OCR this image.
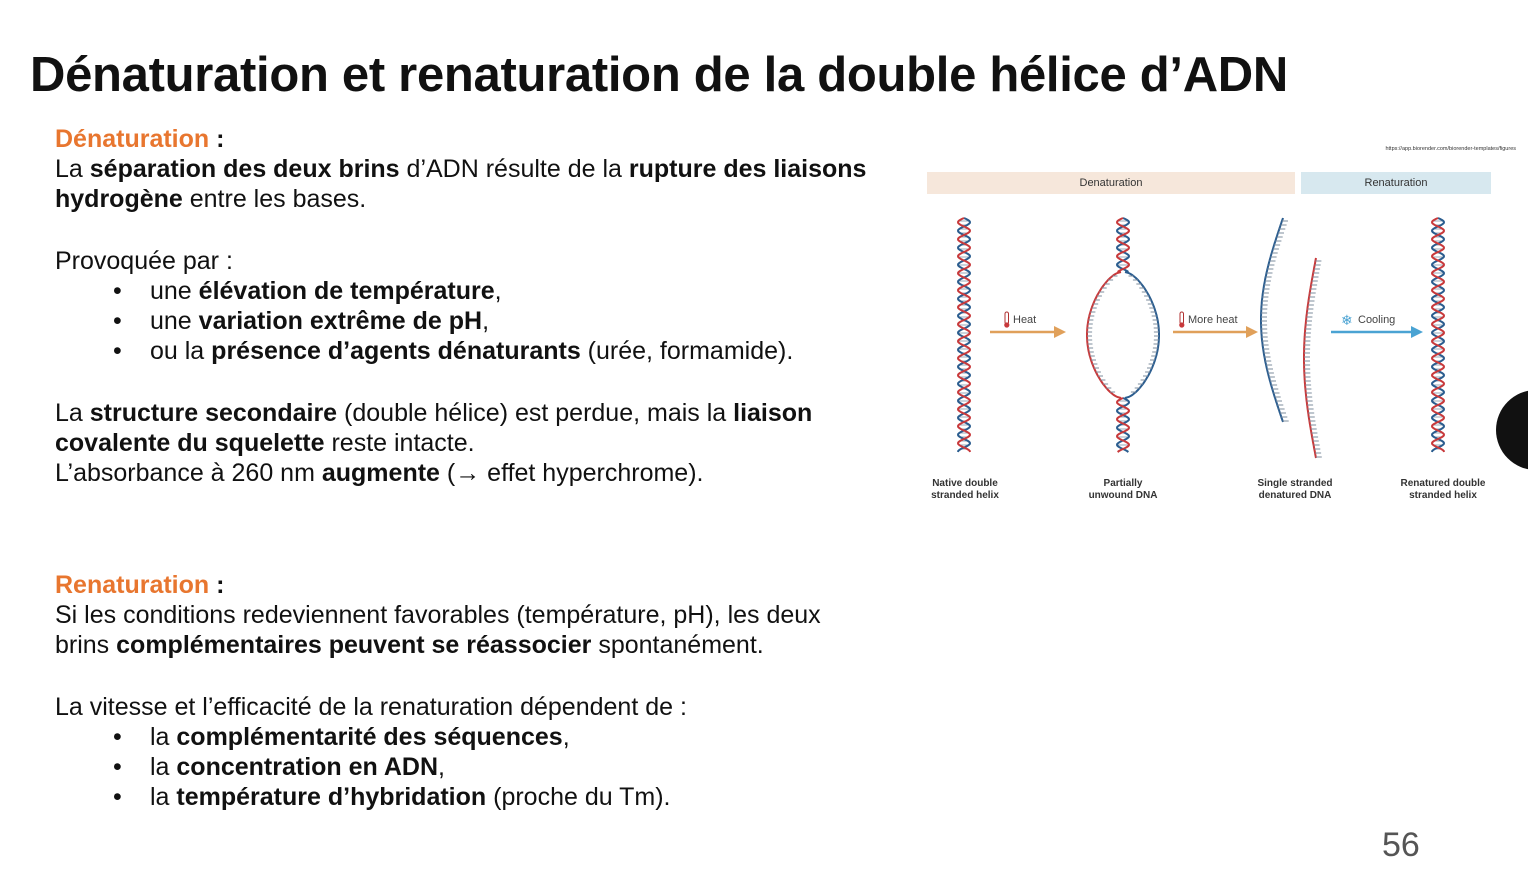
Dénaturation et renaturation de la double hélice d’ADN

Dénaturation :

La séparation des deux brins d’ADN résulte de la rupture des liaisons hydrogène entre les bases.

Provoquée par :

• une élévation de température,
• une variation extrême de pH,
• ou la présence d’agents dénaturants (urée, formamide).

La structure secondaire (double hélice) est perdue, mais la liaison covalente du squelette reste intacte.

L’absorbance à 260 nm augmente (→ effet hyperchrome).

Renaturation :

Si les conditions redeviennent favorables (température, pH), les deux brins complémentaires peuvent se réassocier spontanément.

La vitesse et l’efficacité de la renaturation dépendent de :

• la complémentarité des séquences,
• la concentration en ADN,
• la température d’hybridation (proche du Tm).
https://app.biorender.com/biorender-templates/figures
Denaturation	Renaturation
Heat	More heat	❄ Cooling
Native double
stranded helix
Partially
unwound DNA
Single stranded
denatured DNA
Renatured double
stranded helix
56
